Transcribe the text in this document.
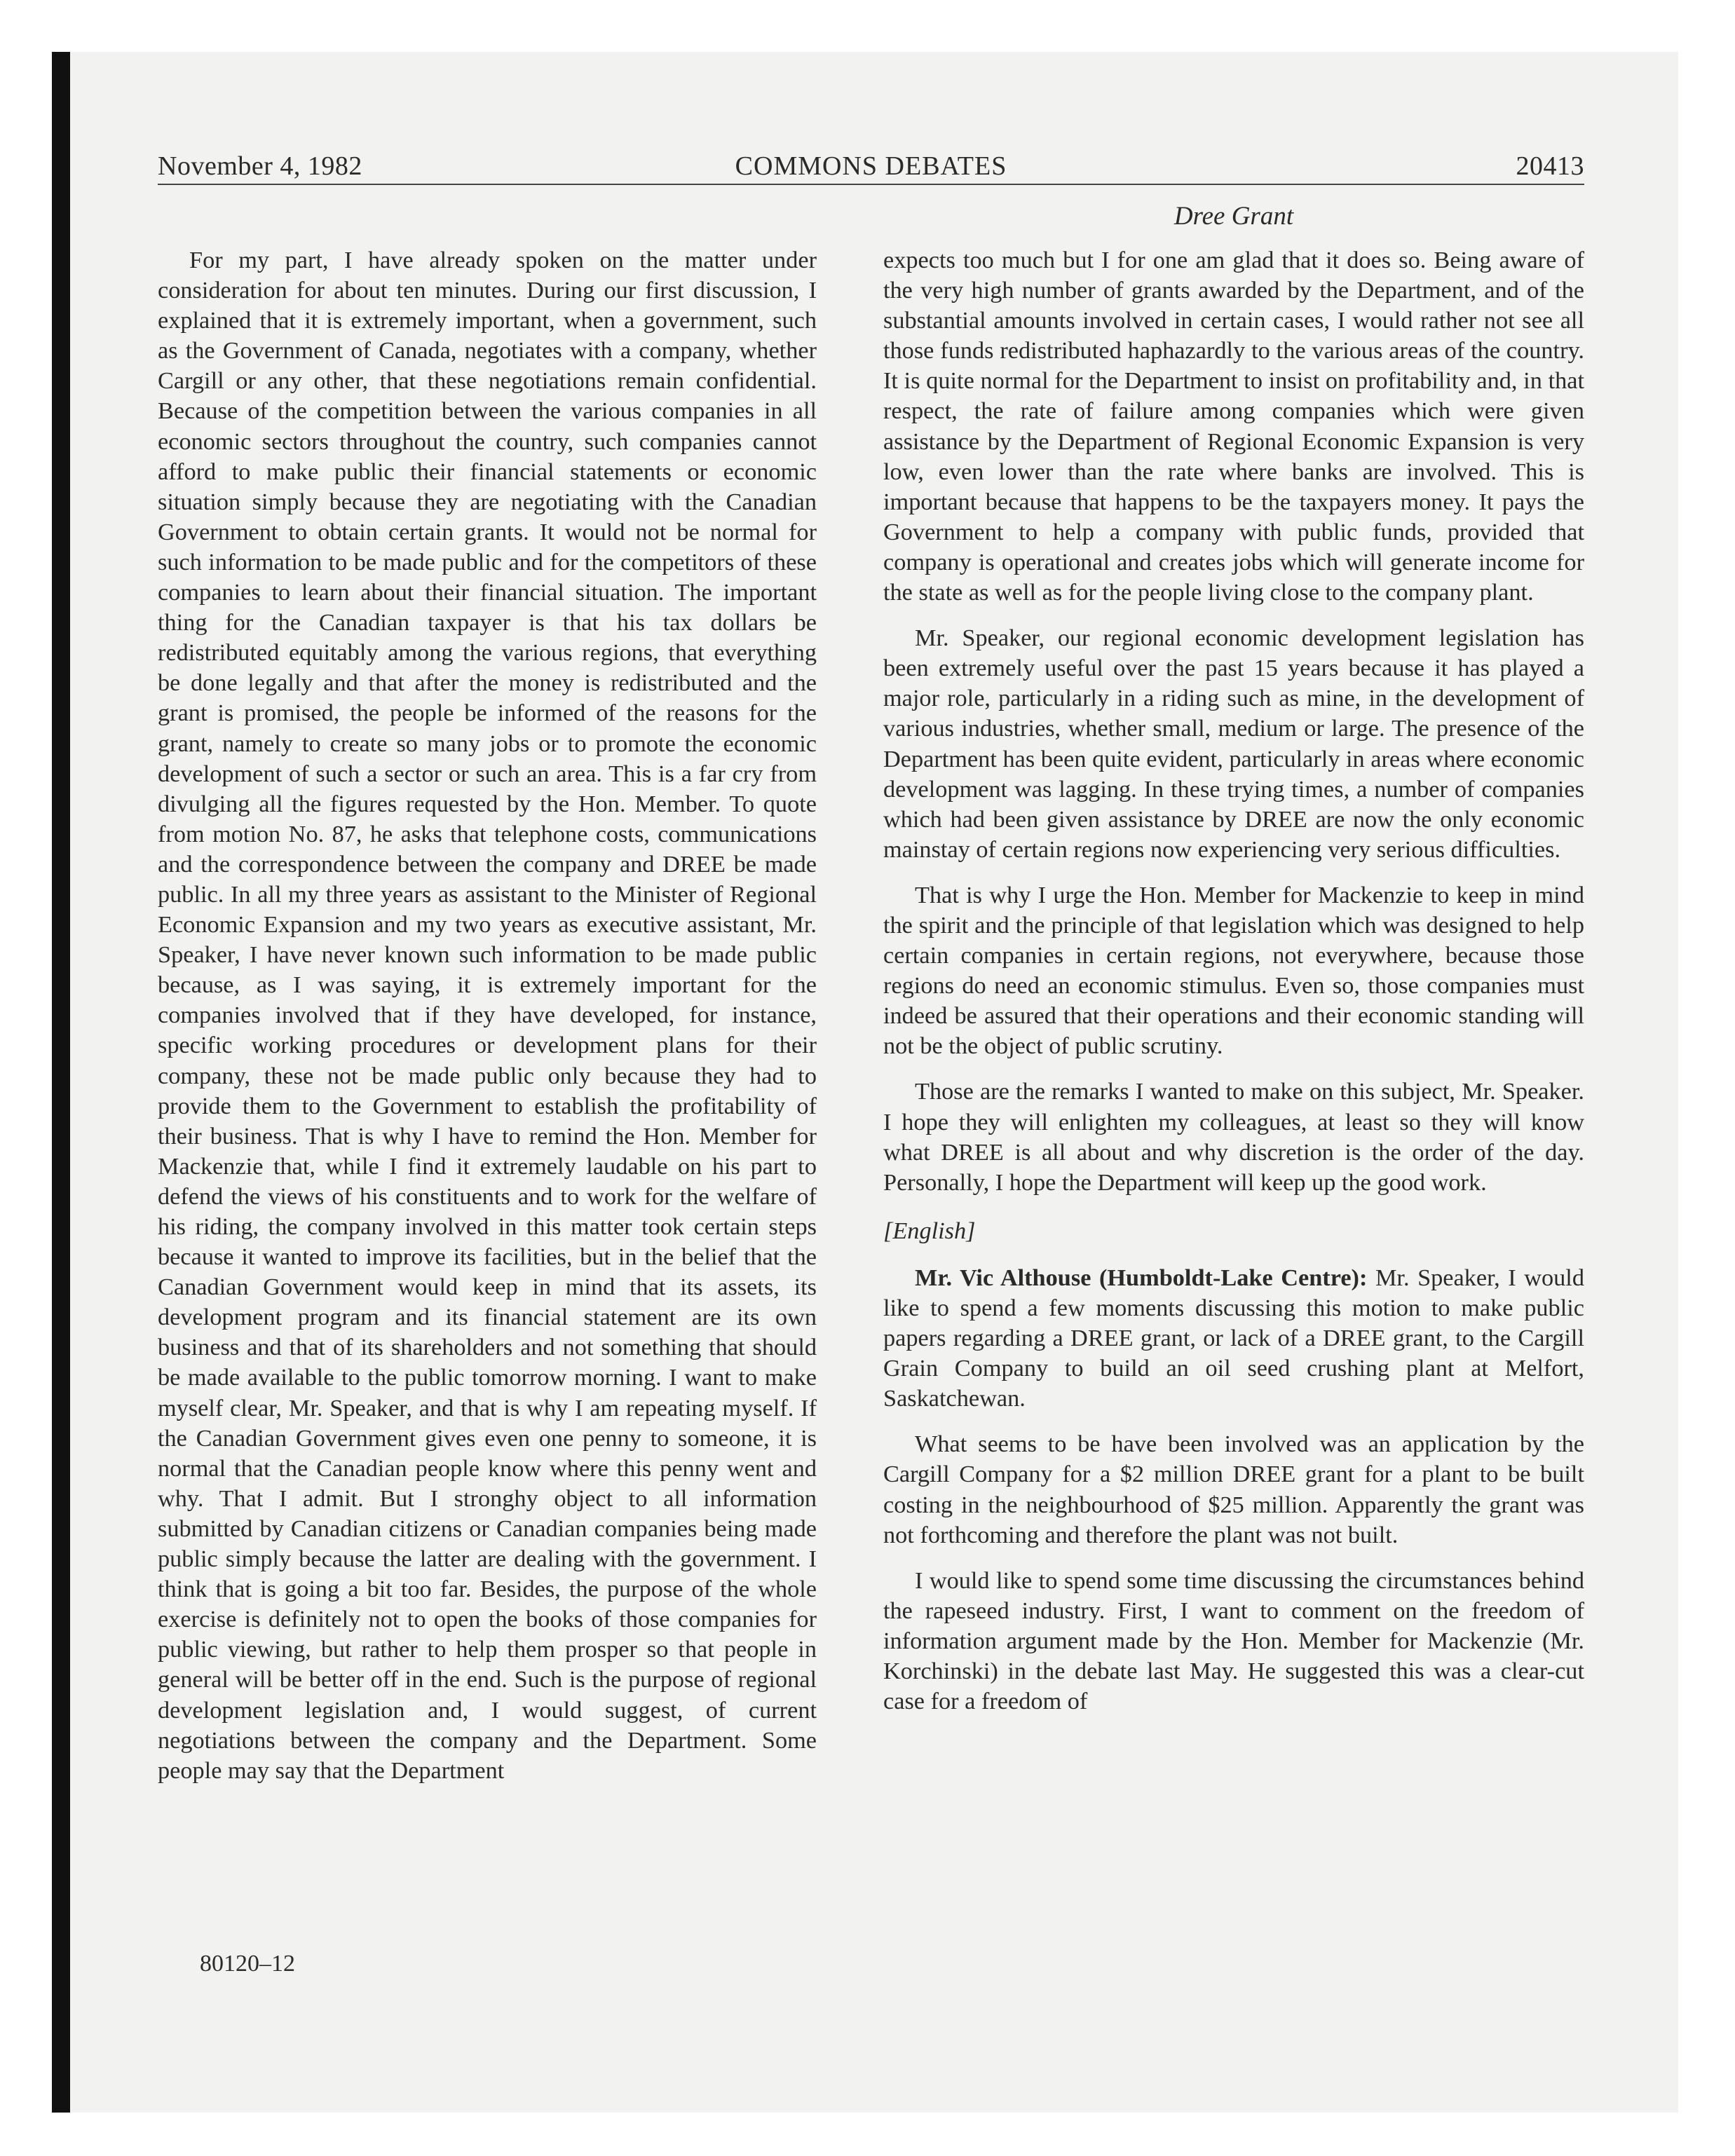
November 4, 1982	COMMONS DEBATES	20413
Dree Grant

For my part, I have already spoken on the matter under consideration for about ten minutes. During our first discussion, I explained that it is extremely important, when a government, such as the Government of Canada, negotiates with a company, whether Cargill or any other, that these negotiations remain confidential. Because of the competition between the various companies in all economic sectors throughout the country, such companies cannot afford to make public their financial statements or economic situation simply because they are negotiating with the Canadian Government to obtain certain grants. It would not be normal for such information to be made public and for the competitors of these companies to learn about their financial situation. The important thing for the Canadian taxpayer is that his tax dollars be redistributed equitably among the various regions, that everything be done legally and that after the money is redistributed and the grant is promised, the people be informed of the reasons for the grant, namely to create so many jobs or to promote the economic development of such a sector or such an area. This is a far cry from divulging all the figures requested by the Hon. Member. To quote from motion No. 87, he asks that telephone costs, communications and the correspondence between the company and DREE be made public. In all my three years as assistant to the Minister of Regional Economic Expansion and my two years as executive assistant, Mr. Speaker, I have never known such information to be made public because, as I was saying, it is extremely important for the companies involved that if they have developed, for instance, specific working procedures or development plans for their company, these not be made public only because they had to provide them to the Government to establish the profitability of their business. That is why I have to remind the Hon. Member for Mackenzie that, while I find it extremely laudable on his part to defend the views of his constituents and to work for the welfare of his riding, the company involved in this matter took certain steps because it wanted to improve its facilities, but in the belief that the Canadian Government would keep in mind that its assets, its development program and its financial statement are its own business and that of its shareholders and not something that should be made available to the public tomorrow morning. I want to make myself clear, Mr. Speaker, and that is why I am repeating myself. If the Canadian Government gives even one penny to someone, it is normal that the Canadian people know where this penny went and why. That I admit. But I stronghy object to all information submitted by Canadian citizens or Canadian companies being made public simply because the latter are dealing with the government. I think that is going a bit too far. Besides, the purpose of the whole exercise is definitely not to open the books of those companies for public viewing, but rather to help them prosper so that people in general will be better off in the end. Such is the purpose of regional development legislation and, I would suggest, of current negotiations between the company and the Department. Some people may say that the Department

expects too much but I for one am glad that it does so. Being aware of the very high number of grants awarded by the Department, and of the substantial amounts involved in certain cases, I would rather not see all those funds redistributed haphazardly to the various areas of the country. It is quite normal for the Department to insist on profitability and, in that respect, the rate of failure among companies which were given assistance by the Department of Regional Economic Expansion is very low, even lower than the rate where banks are involved. This is important because that happens to be the taxpayers money. It pays the Government to help a company with public funds, provided that company is operational and creates jobs which will generate income for the state as well as for the people living close to the company plant.

Mr. Speaker, our regional economic development legislation has been extremely useful over the past 15 years because it has played a major role, particularly in a riding such as mine, in the development of various industries, whether small, medium or large. The presence of the Department has been quite evident, particularly in areas where economic development was lagging. In these trying times, a number of companies which had been given assistance by DREE are now the only economic mainstay of certain regions now experiencing very serious difficulties.

That is why I urge the Hon. Member for Mackenzie to keep in mind the spirit and the principle of that legislation which was designed to help certain companies in certain regions, not everywhere, because those regions do need an economic stimulus. Even so, those companies must indeed be assured that their operations and their economic standing will not be the object of public scrutiny.

Those are the remarks I wanted to make on this subject, Mr. Speaker. I hope they will enlighten my colleagues, at least so they will know what DREE is all about and why discretion is the order of the day. Personally, I hope the Department will keep up the good work.

[English]

Mr. Vic Althouse (Humboldt-Lake Centre): Mr. Speaker, I would like to spend a few moments discussing this motion to make public papers regarding a DREE grant, or lack of a DREE grant, to the Cargill Grain Company to build an oil seed crushing plant at Melfort, Saskatchewan.

What seems to be have been involved was an application by the Cargill Company for a $2 million DREE grant for a plant to be built costing in the neighbourhood of $25 million. Apparently the grant was not forthcoming and therefore the plant was not built.

I would like to spend some time discussing the circumstances behind the rapeseed industry. First, I want to comment on the freedom of information argument made by the Hon. Member for Mackenzie (Mr. Korchinski) in the debate last May. He suggested this was a clear-cut case for a freedom of

80120–12
